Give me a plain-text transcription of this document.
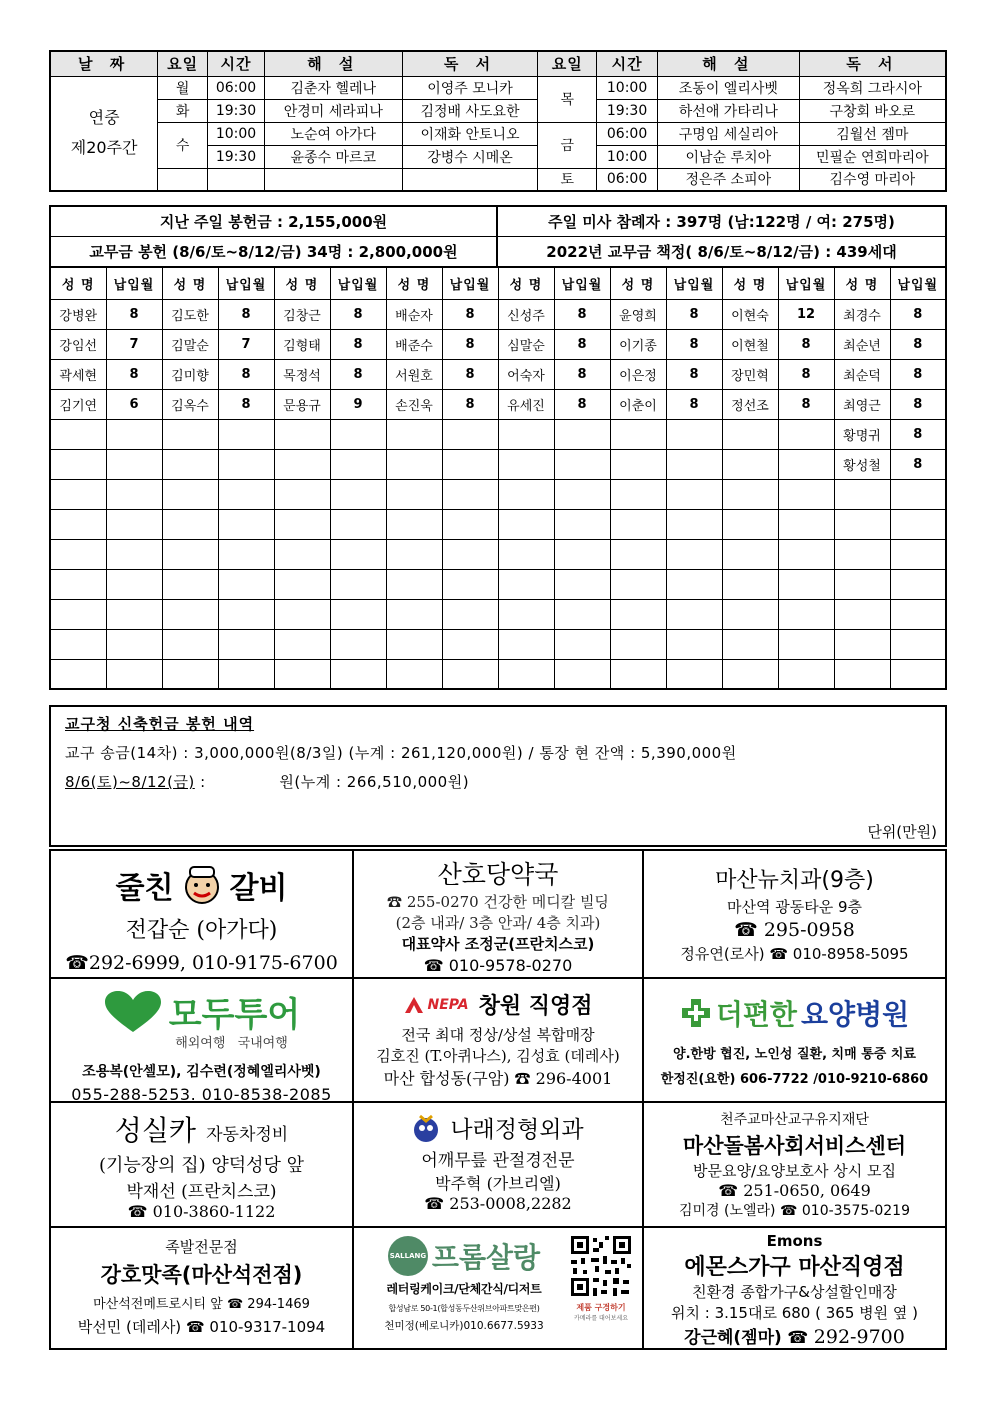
날 짜	요일	시간	해 설	독 서	요일	시간	해 설	독 서

연중
제20주간	월	06:00	김춘자 헬레나	이영주 모니카	목	10:00	조동이 엘리사벳	정옥희 그라시아
	화	19:30	안경미 세라피나	김정배 사도요한		19:30	하선애 가타리나	구창회 바오로
	수	10:00	노순여 아가다	이재화 안토니오	금	06:00	구명임 세실리아	김월선 젬마
		19:30	윤종수 마르코	강병수 시메온		10:00	이남순 루치아	민필순 연희마리아
					토	06:00	정은주 소피아	김수영 마리아
지난 주일 봉헌금 : 2,155,000원	주일 미사 참례자 : 397명 (남:122명 / 여: 275명)
교무금 봉헌 (8/6/토~8/12/금) 34명 : 2,800,000원	2022년 교무금 책정( 8/6/토~8/12/금) : 439세대
성 명	납입월	성 명	납입월	성 명	납입월	성 명	납입월	성 명	납입월	성 명	납입월	성 명	납입월	성 명	납입월
강병완	8	김도한	8	김창근	8	배순자	8	신성주	8	윤영희	8	이현숙	12	최경수	8
강임선	7	김말순	7	김형태	8	배준수	8	심말순	8	이기종	8	이현철	8	최순년	8
곽세현	8	김미향	8	목정석	8	서원호	8	어숙자	8	이은정	8	장민혁	8	최순덕	8
김기연	6	김옥수	8	문용규	9	손진욱	8	유세진	8	이춘이	8	정선조	8	최영근	8
														황명귀	8
														황성철	8

교구청 신축헌금 봉헌 내역
교구 송금(14차) : 3,000,000원(8/3일) (누계 : 261,120,000원) / 통장 현 잔액 : 5,390,000원
8/6(토)~8/12(금) :              원(누계 : 266,510,000원)
단위(만원)
줄친 갈비
전갑순 (아가다)
☎292-6999, 010-9175-6700
산호당약국
☎ 255-0270 건강한 메디칼 빌딩
(2층 내과/ 3층 안과/ 4층 치과)
대표약사 조정군(프란치스코)
☎ 010-9578-0270
마산뉴치과(9층)
마산역 광동타운 9층
☎ 295-0958
정유연(로사) ☎ 010-8958-5095
모두투어
해외여행 국내여행
조용복(안셀모), 김수련(정혜엘리사벳)
055-288-5253. 010-8538-2085
NEPA 창원 직영점
전국 최대 정상/상설 복합매장
김호진 (T.아퀴나스), 김성효 (데레사)
마산 합성동(구암) ☎ 296-4001
더편한 요양병원
양.한방 협진, 노인성 질환, 치매 통증 치료
한정진(요한) 606-7722 /010-9210-6860
성실카 자동차정비
(기능장의 집) 양덕성당 앞
박재선 (프란치스코)
☎ 010-3860-1122
나래정형외과
어깨무릎 관절경전문
박주혁 (가브리엘)
☎ 253-0008,2282
천주교마산교구유지재단
마산돌봄사회서비스센터
방문요양/요양보호사 상시 모집
☎ 251-0650, 0649
김미경 (노엘라) ☎ 010-3575-0219
족발전문점
강호맛족(마산석전점)
마산석전메트로시티 앞 ☎ 294-1469
박선민 (데레사) ☎ 010-9317-1094
SALLANG 프롬살랑
레터링케이크/단체간식/디저트
합성남로 50-1(합성동두산위브아파트맞은편)
천미정(베로니카)010.6677.5933
제품 구경하기
카메라를 대어보세요
Emons
에몬스가구 마산직영점
친환경 종합가구&상설할인매장
위치 : 3.15대로 680 ( 365 병원 옆 )
강근혜(젬마) ☎ 292-9700
